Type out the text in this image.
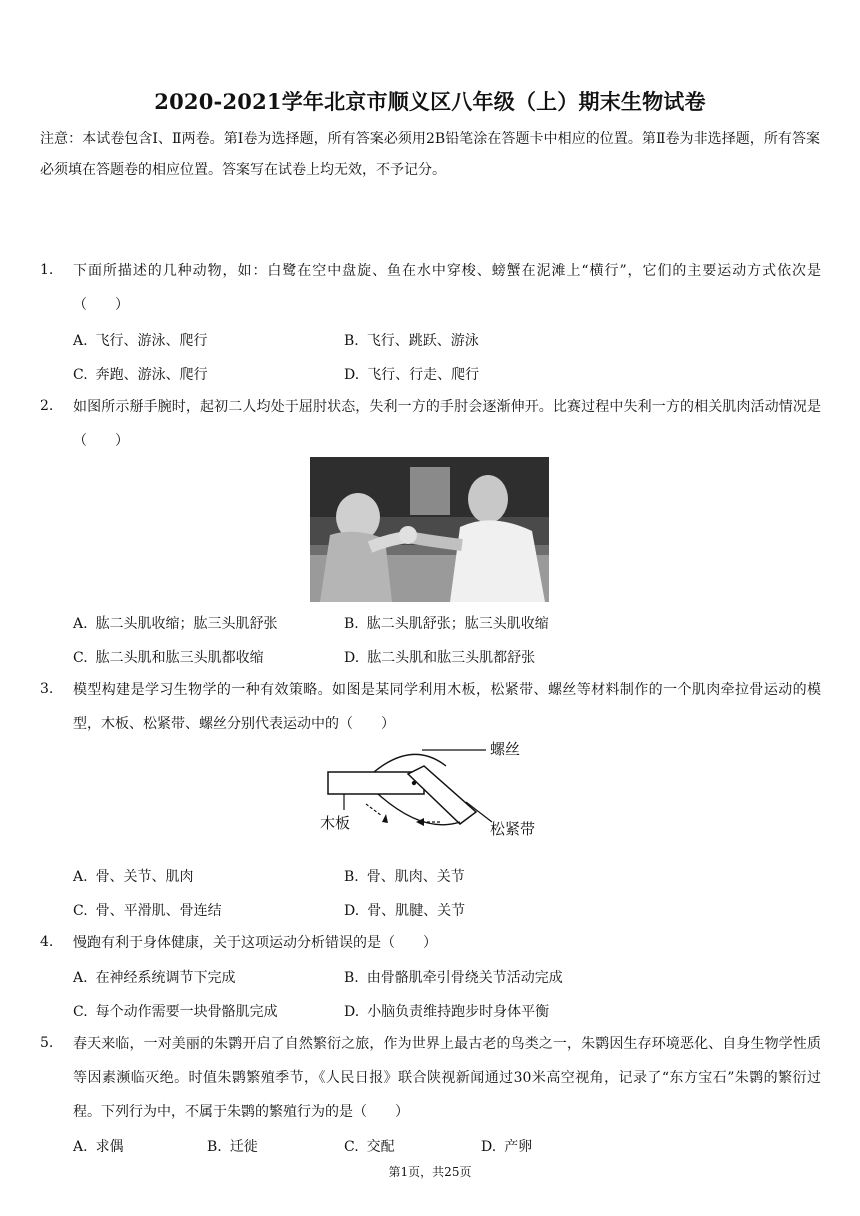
2020-2021学年北京市顺义区八年级（上）期末生物试卷
注意：本试卷包含Ⅰ、Ⅱ两卷。第Ⅰ卷为选择题，所有答案必须用2B铅笔涂在答题卡中相应的位置。第Ⅱ卷为非选择题，所有答案必须填在答题卷的相应位置。答案写在试卷上均无效，不予记分。
1. 下面所描述的几种动物，如：白鹭在空中盘旋、鱼在水中穿梭、螃蟹在泥滩上“横行”，它们的主要运动方式依次是（　　）
A. 飞行、游泳、爬行	B. 飞行、跳跃、游泳
C. 奔跑、游泳、爬行	D. 飞行、行走、爬行
2. 如图所示掰手腕时，起初二人均处于屈肘状态，失利一方的手肘会逐渐伸开。比赛过程中失利一方的相关肌肉活动情况是（　　）
A. 肱二头肌收缩；肱三头肌舒张	B. 肱二头肌舒张；肱三头肌收缩
C. 肱二头肌和肱三头肌都收缩	D. 肱二头肌和肱三头肌都舒张
3. 模型构建是学习生物学的一种有效策略。如图是某同学利用木板，松紧带、螺丝等材料制作的一个肌肉牵拉骨运动的模型，木板、松紧带、螺丝分别代表运动中的（　　）
螺丝
木板	松紧带
A. 骨、关节、肌肉	B. 骨、肌肉、关节
C. 骨、平滑肌、骨连结	D. 骨、肌腱、关节
4. 慢跑有利于身体健康，关于这项运动分析错误的是（　　）
A. 在神经系统调节下完成	B. 由骨骼肌牵引骨绕关节活动完成
C. 每个动作需要一块骨骼肌完成	D. 小脑负责维持跑步时身体平衡
5. 春天来临，一对美丽的朱鹮开启了自然繁衍之旅，作为世界上最古老的鸟类之一，朱鹮因生存环境恶化、自身生物学性质等因素濒临灭绝。时值朱鹮繁殖季节，《人民日报》联合陕视新闻通过30米高空视角，记录了“东方宝石”朱鹮的繁衍过程。下列行为中，不属于朱鹮的繁殖行为的是（　　）
A. 求偶	B. 迁徙	C. 交配	D. 产卵
第1页，共25页
